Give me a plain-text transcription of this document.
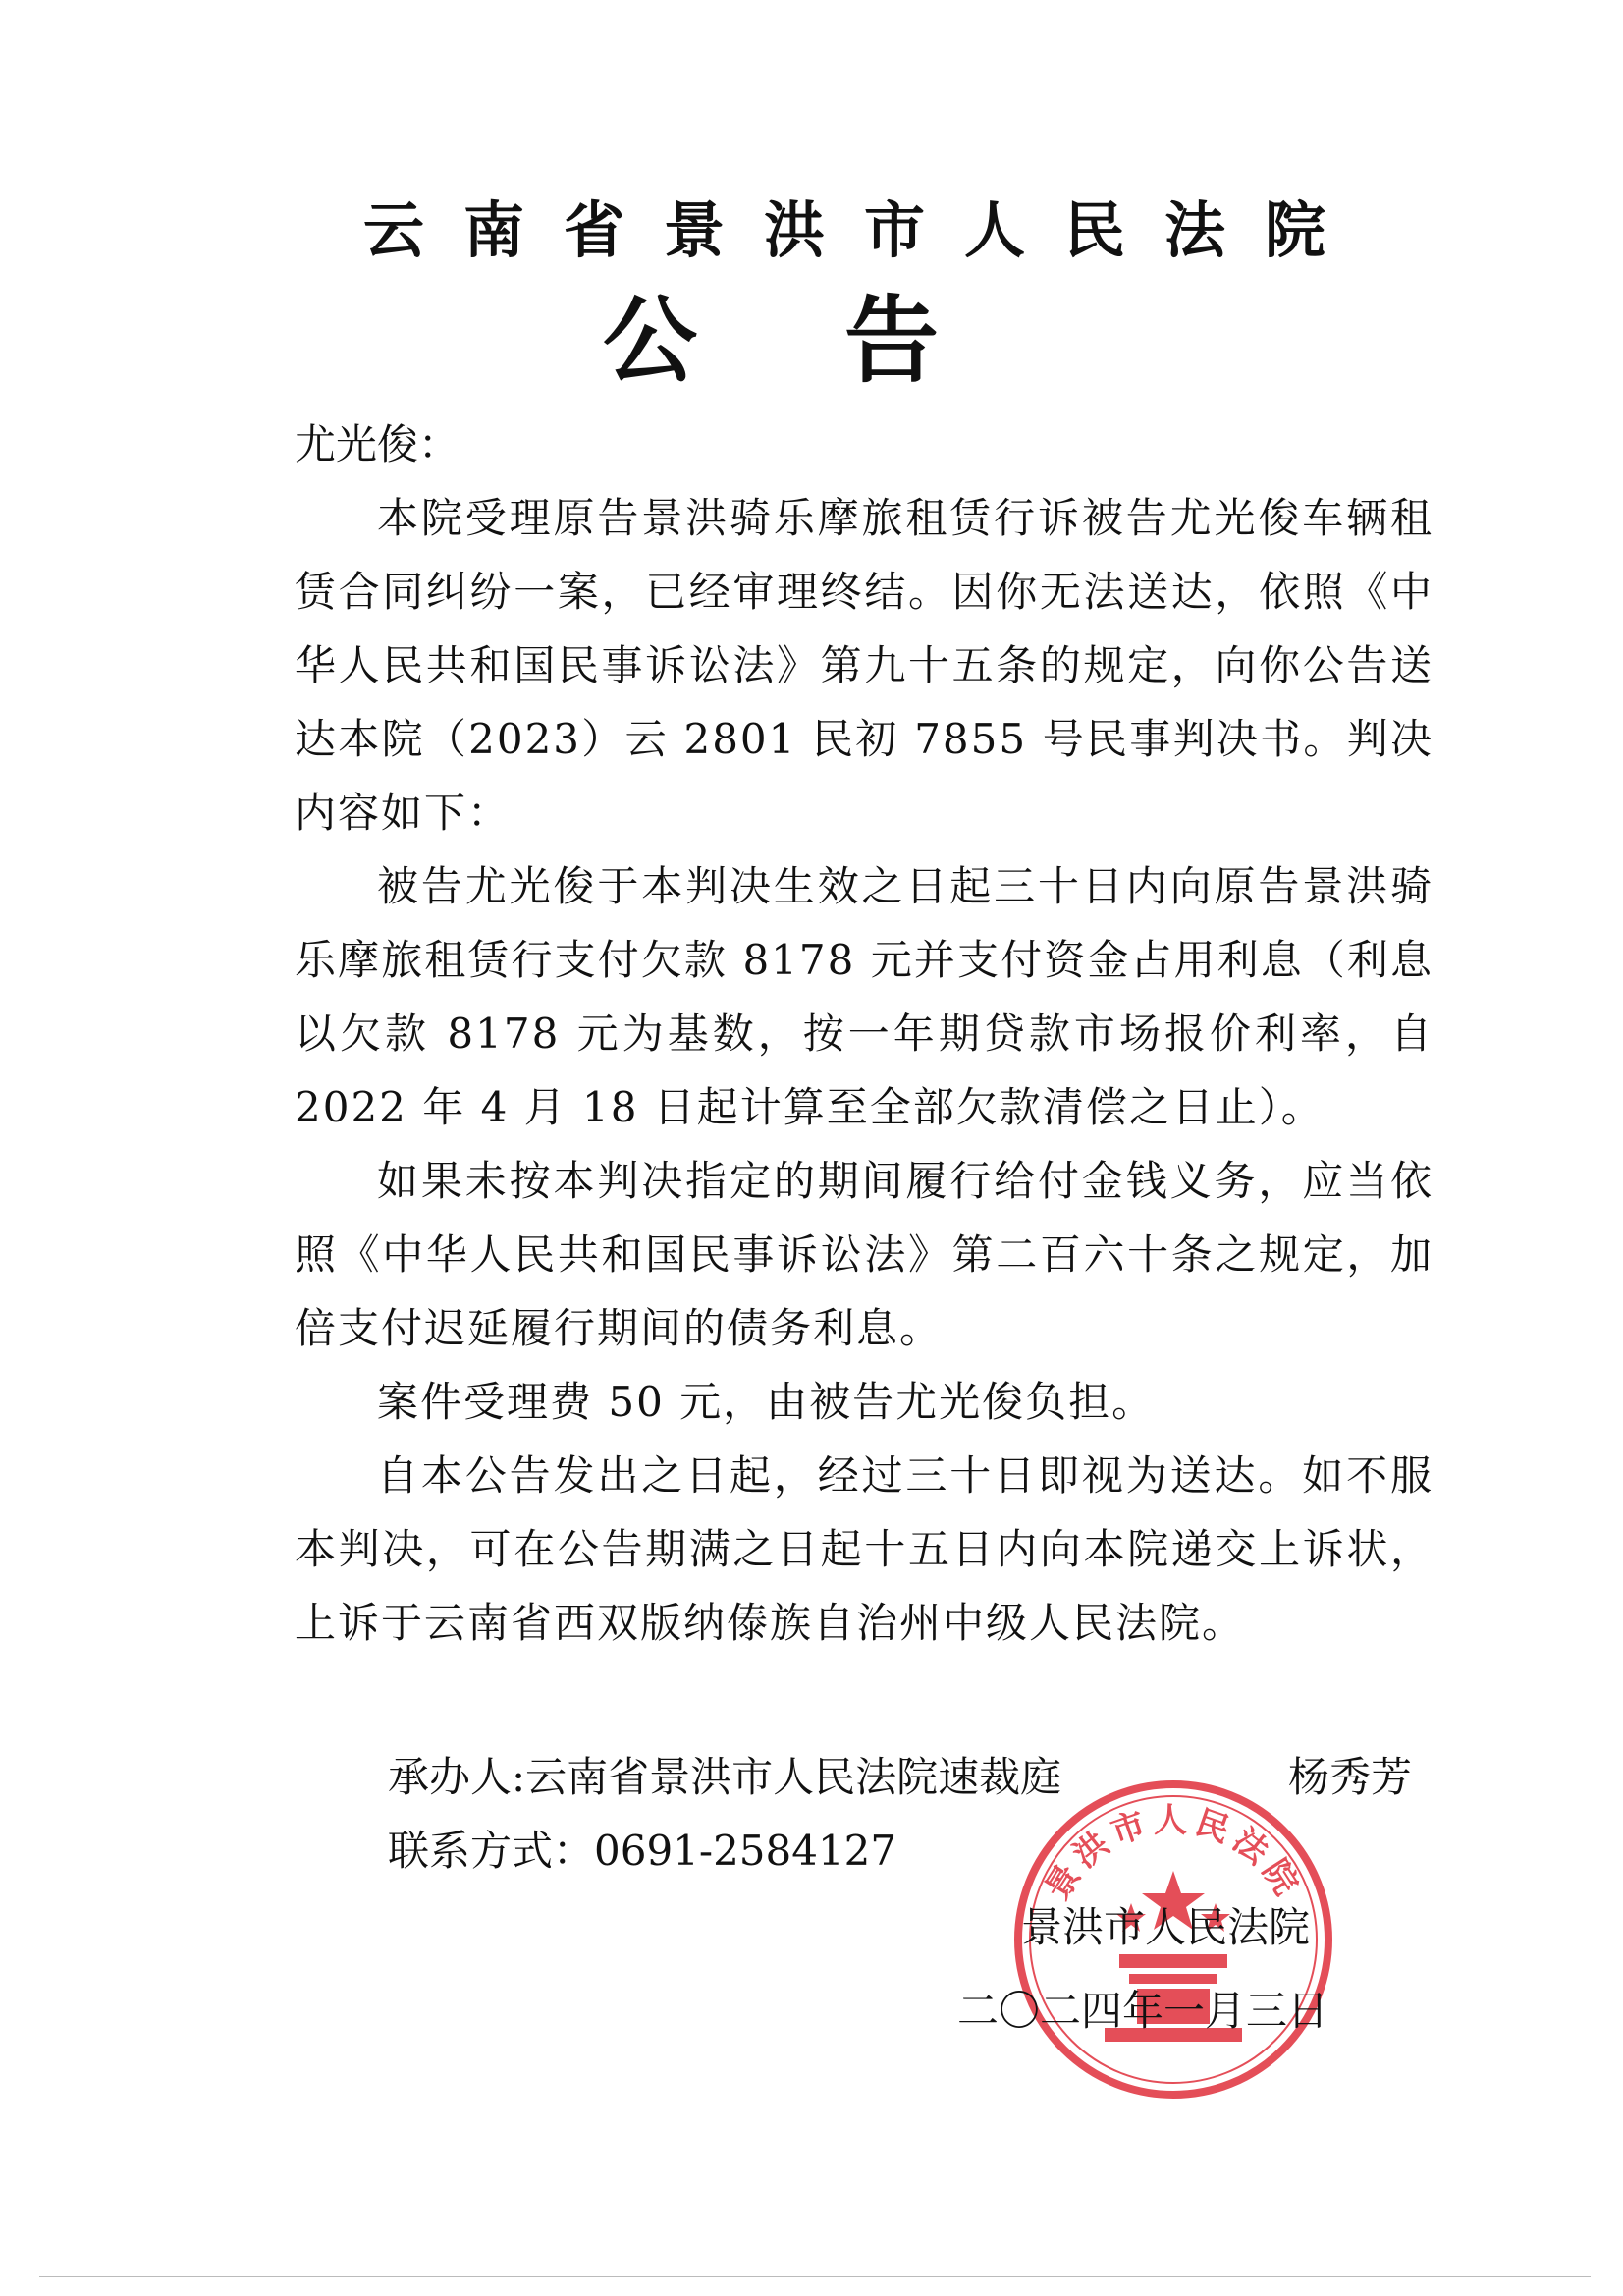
云南省景洪市人民法院
公告

尤光俊：

本院受理原告景洪骑乐摩旅租赁行诉被告尤光俊车辆租赁合同纠纷一案，已经审理终结。因你无法送达，依照《中华人民共和国民事诉讼法》第九十五条的规定，向你公告送达本院（2023）云 2801 民初 7855 号民事判决书。判决内容如下：

被告尤光俊于本判决生效之日起三十日内向原告景洪骑乐摩旅租赁行支付欠款 8178 元并支付资金占用利息（利息以欠款 8178 元为基数，按一年期贷款市场报价利率，自 2022 年 4 月 18 日起计算至全部欠款清偿之日止）。

如果未按本判决指定的期间履行给付金钱义务，应当依照《中华人民共和国民事诉讼法》第二百六十条之规定，加倍支付迟延履行期间的债务利息。

案件受理费 50 元，由被告尤光俊负担。

自本公告发出之日起，经过三十日即视为送达。如不服本判决，可在公告期满之日起十五日内向本院递交上诉状，上诉于云南省西双版纳傣族自治州中级人民法院。

景洪市人民法院
承办人:云南省景洪市人民法院速裁庭	杨秀芳
联系方式：0691-2584127
景洪市人民法院
二〇二四年一月三日
